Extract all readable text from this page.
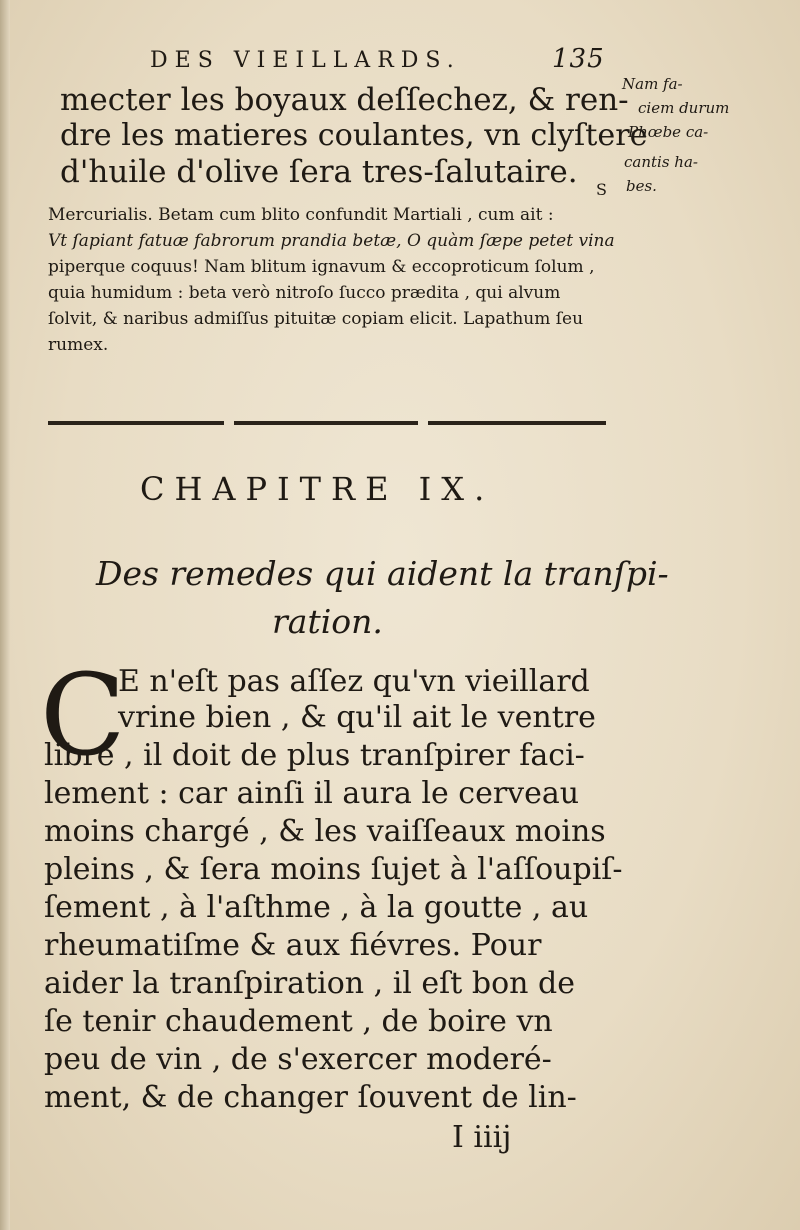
DES VIEILLARDS.	135
mecter les boyaux deſſechez, & ren-
dre les matieres coulantes, vn clyſtere
d'huile d'olive ſera tres-ſalutaire.
Nam fa-
ciem durum
Phœbe ca-
cantis ha-
bes.
S
Mercurialis. Betam cum blito confundit Martiali , cum ait :
Vt ſapiant fatuæ fabrorum prandia betæ, O quàm ſæpe petet vina
piperque coquus! Nam blitum ignavum & eccoproticum ſolum ,
quia humidum : beta verò nitroſo ſucco prædita , qui alvum
ſolvit, & naribus admiſſus pituitæ copiam elicit. Lapathum ſeu
rumex.
CHAPITRE IX.
Des remedes qui aident la tranſpi-
ration.
C
E n'eſt pas aſſez qu'vn vieillard
vrine bien , & qu'il ait le ventre
libre , il doit de plus tranſpirer faci-
lement : car ainſi il aura le cerveau
moins chargé , & les vaiſſeaux moins
pleins , & ſera moins ſujet à l'aſſoupiſ-
ſement , à l'aſthme , à la goutte , au
rheumatiſme & aux fiévres. Pour
aider la tranſpiration , il eſt bon de
ſe tenir chaudement , de boire vn
peu de vin , de s'exercer moderé-
ment, & de changer ſouvent de lin-
I iiij
